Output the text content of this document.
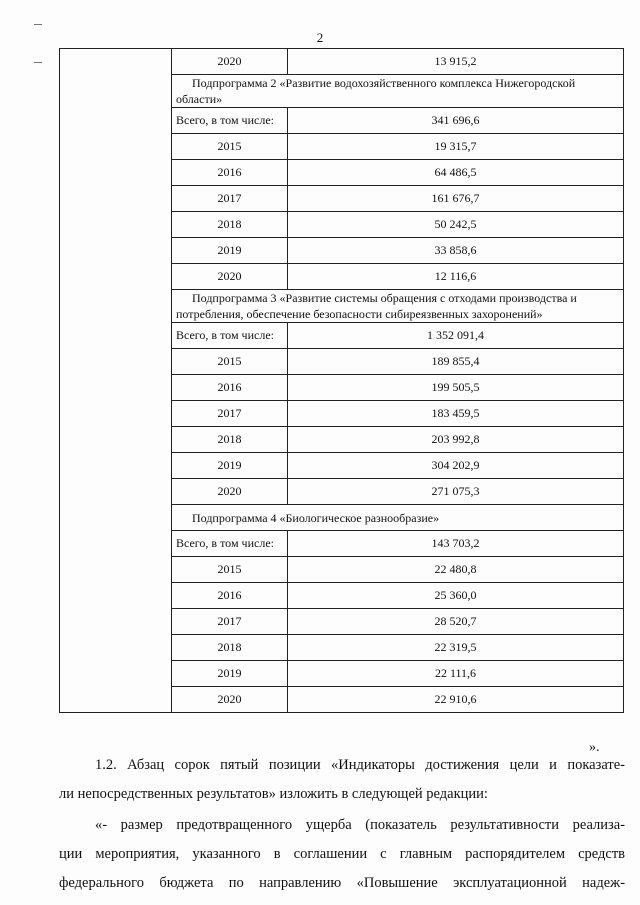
2
	2020	13 915,2
	Подпрограмма 2 «Развитие водохозяйственного комплекса Нижегородской области»	
	Всего, в том числе:	341 696,6
	2015	19 315,7
	2016	64 486,5
	2017	161 676,7
	2018	50 242,5
	2019	33 858,6
	2020	12 116,6
	Подпрограмма 3 «Развитие системы обращения с отходами производства и потребления, обеспечение безопасности сибиреязвенных захоронений»	
	Всего, в том числе:	1 352 091,4
	2015	189 855,4
	2016	199 505,5
	2017	183 459,5
	2018	203 992,8
	2019	304 202,9
	2020	271 075,3
	Подпрограмма 4 «Биологическое разнообразие»	
	Всего, в том числе:	143 703,2
	2015	22 480,8
	2016	25 360,0
	2017	28 520,7
	2018	22 319,5
	2019	22 111,6
	2020	22 910,6
».

1.2. Абзац сорок пятый позиции «Индикаторы достижения цели и показате-

ли непосредственных результатов» изложить в следующей редакции:

«- размер предотвращенного ущерба (показатель результативности реализа-

ции мероприятия, указанного в соглашении с главным распорядителем средств

федерального бюджета по направлению «Повышение эксплуатационной надеж-
